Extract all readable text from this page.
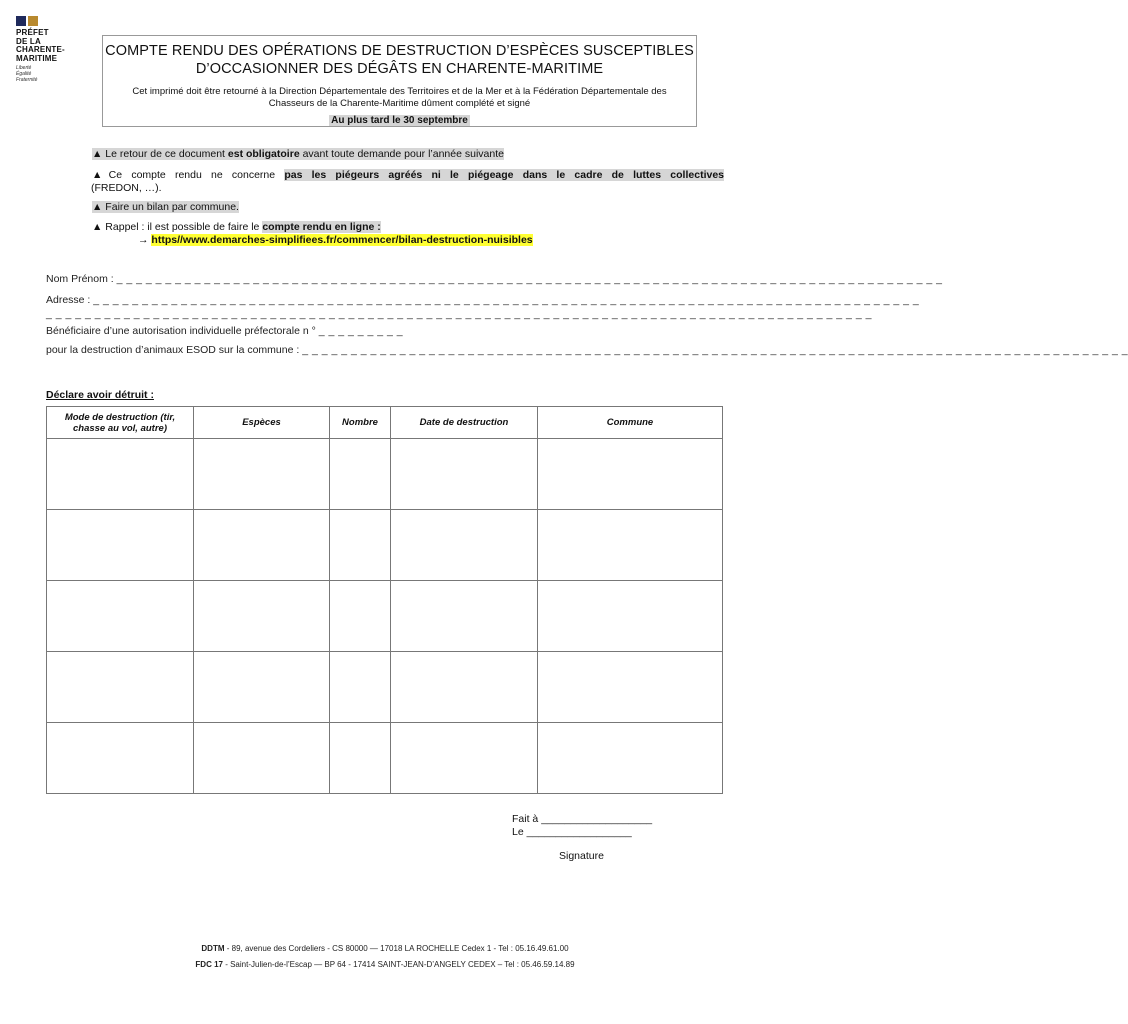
PRÉFET
DE LA
CHARENTE-
MARITIME
Liberté
Égalité
Fraternité
COMPTE RENDU DES OPÉRATIONS DE DESTRUCTION D’ESPÈCES SUSCEPTIBLES
D’OCCASIONNER DES DÉGÂTS EN CHARENTE-MARITIME
Cet imprimé doit être retourné à la Direction Départementale des Territoires et de la Mer et à la Fédération Départementale des Chasseurs de la Charente-Maritime dûment complété et signé
Au plus tard le 30 septembre
▲ Le retour de ce document est obligatoire avant toute demande pour l’année suivante
▲Ce compte rendu ne concerne pas les piégeurs agréés ni le piégeage dans le cadre de luttes collectives
(FREDON, …).
▲ Faire un bilan par commune.
▲ Rappel : il est possible de faire le compte rendu en ligne :
→ https//www.demarches-simplifiees.fr/commencer/bilan-destruction-nuisibles
Nom Prénom : _ _ _ _ _ _ _ _ _ _ _ _ _ _ _ _ _ _ _ _ _ _ _ _ _ _ _ _ _ _ _ _ _ _ _ _ _ _ _ _ _ _ _ _ _ _ _ _ _ _ _ _ _ _ _ _ _ _ _ _ _ _ _ _ _ _ _ _ _ _ _ _ _ _ _ _ _ _ _ _ _ _ _ _ _
Adresse : _ _ _ _ _ _ _ _ _ _ _ _ _ _ _ _ _ _ _ _ _ _ _ _ _ _ _ _ _ _ _ _ _ _ _ _ _ _ _ _ _ _ _ _ _ _ _ _ _ _ _ _ _ _ _ _ _ _ _ _ _ _ _ _ _ _ _ _ _ _ _ _ _ _ _ _ _ _ _ _ _ _ _ _ _
_ _ _ _ _ _ _ _ _ _ _ _ _ _ _ _ _ _ _ _ _ _ _ _ _ _ _ _ _ _ _ _ _ _ _ _ _ _ _ _ _ _ _ _ _ _ _ _ _ _ _ _ _ _ _ _ _ _ _ _ _ _ _ _ _ _ _ _ _ _ _ _ _ _ _ _ _ _ _ _ _ _ _ _ _
Bénéficiaire d’une autorisation individuelle préfectorale n ° _ _ _ _ _ _ _ _ _
pour la destruction d’animaux ESOD sur la commune : _ _ _ _ _ _ _ _ _ _ _ _ _ _ _ _ _ _ _ _ _ _ _ _ _ _ _ _ _ _ _ _ _ _ _ _ _ _ _ _ _ _ _ _ _ _ _ _ _ _ _ _ _ _ _ _ _ _ _ _ _ _ _ _ _ _ _ _ _ _ _ _ _ _ _ _ _ _ _ _ _ _ _ _ _
Déclare avoir détruit :
Mode de destruction (tir, chasse au vol, autre)	Espèces	Nombre	Date de destruction	Commune

Fait à ___________________
Le __________________
Signature
DDTM - 89, avenue des Cordeliers - CS 80000 — 17018 LA ROCHELLE Cedex 1 - Tel : 05.16.49.61.00
FDC 17 - Saint-Julien-de-l’Escap — BP 64 - 17414 SAINT-JEAN-D’ANGELY CEDEX – Tel : 05.46.59.14.89
